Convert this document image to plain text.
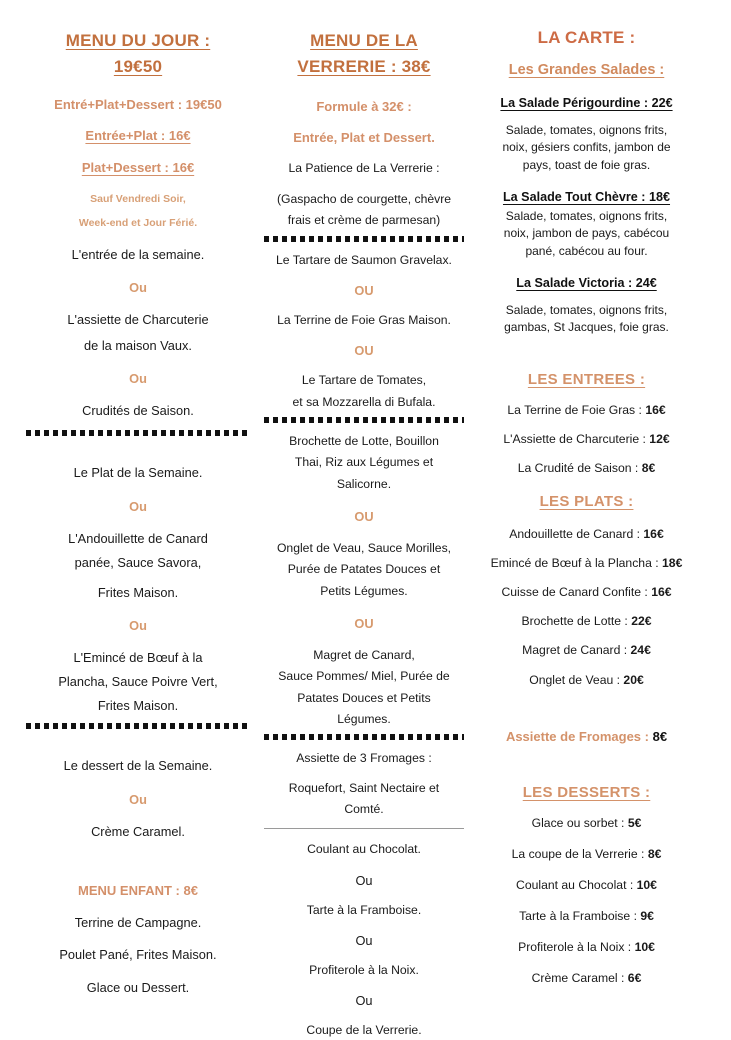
MENU DU JOUR :
19€50
Entré+Plat+Dessert : 19€50
Entrée+Plat : 16€
Plat+Dessert : 16€
Sauf Vendredi Soir,
Week-end et Jour Férié.
L'entrée de la semaine.
Ou
L'assiette de Charcuterie
de la maison Vaux.
Ou
Crudités de Saison.
Le Plat de la Semaine.
Ou
L'Andouillette de Canard
panée, Sauce Savora,
Frites Maison.
Ou
L'Emincé de Bœuf à la
Plancha, Sauce Poivre Vert,
Frites Maison.
Le dessert de la Semaine.
Ou
Crème Caramel.
MENU ENFANT : 8€
Terrine de Campagne.
Poulet Pané, Frites Maison.
Glace ou Dessert.
MENU DE LA
VERRERIE : 38€
Formule à 32€ :
Entrée, Plat et Dessert.
La Patience de La Verrerie :
(Gaspacho de courgette, chèvre
frais et crème de parmesan)
Le Tartare de Saumon Gravelax.
OU
La Terrine de Foie Gras Maison.
OU
Le Tartare de Tomates,
et sa Mozzarella di Bufala.
Brochette de Lotte, Bouillon
Thai, Riz aux Légumes et
Salicorne.
OU
Onglet de Veau, Sauce Morilles,
Purée de Patates Douces et
Petits Légumes.
OU
Magret de Canard,
Sauce Pommes/ Miel, Purée de
Patates Douces et Petits
Légumes.
Assiette de 3 Fromages :
Roquefort, Saint Nectaire et
Comté.
Coulant au Chocolat.
Ou
Tarte à la Framboise.
Ou
Profiterole à la Noix.
Ou
Coupe de la Verrerie.
LA CARTE :
Les Grandes Salades :
La Salade Périgourdine : 22€
Salade, tomates, oignons frits,
noix, gésiers confits, jambon de
pays, toast de foie gras.
La Salade Tout Chèvre : 18€
Salade, tomates, oignons frits,
noix, jambon de pays, cabécou
pané, cabécou au four.
La Salade Victoria : 24€
Salade, tomates, oignons frits,
gambas, St Jacques, foie gras.
LES ENTREES :
La Terrine de Foie Gras : 16€
L'Assiette de Charcuterie : 12€
La Crudité de Saison : 8€
LES PLATS :
Andouillette de Canard : 16€
Emincé de Bœuf à la Plancha : 18€
Cuisse de Canard Confite : 16€
Brochette de Lotte : 22€
Magret de Canard : 24€
Onglet de Veau : 20€
Assiette de Fromages : 8€
LES DESSERTS :
Glace ou sorbet : 5€
La coupe de la Verrerie : 8€
Coulant au Chocolat : 10€
Tarte à la Framboise : 9€
Profiterole à la Noix : 10€
Crème Caramel : 6€
